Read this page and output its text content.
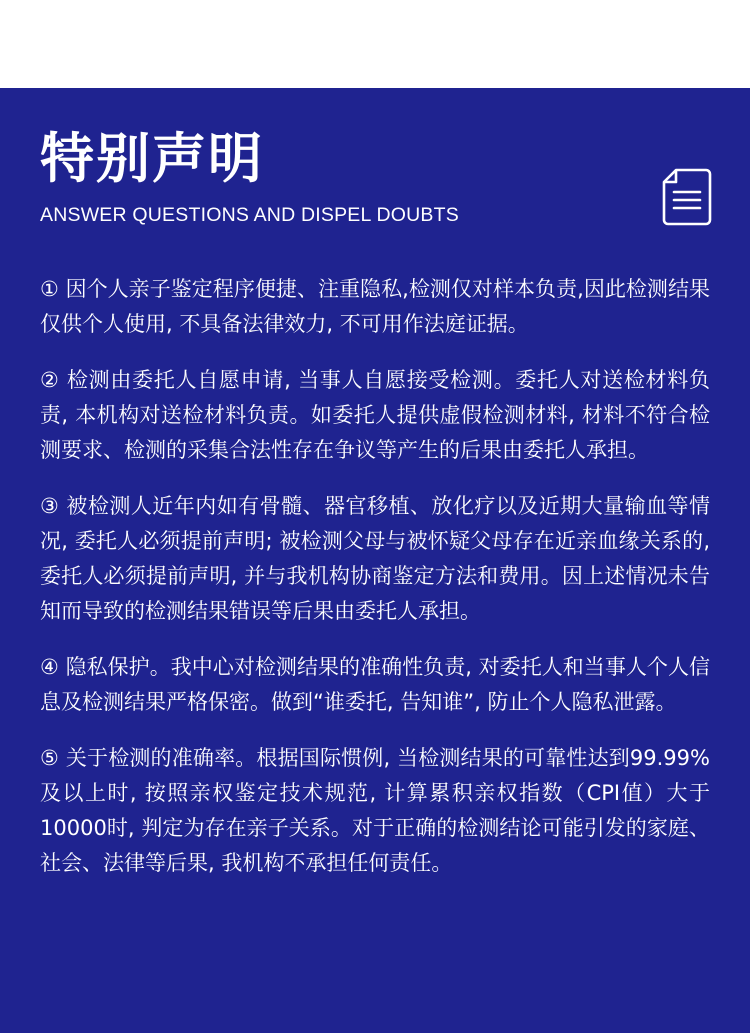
特别声明
ANSWER QUESTIONS AND DISPEL DOUBTS

① 因个人亲子鉴定程序便捷、注重隐私,检测仅对样本负责,因此检测结果仅供个人使用, 不具备法律效力, 不可用作法庭证据。

② 检测由委托人自愿申请, 当事人自愿接受检测。委托人对送检材料负责, 本机构对送检材料负责。如委托人提供虚假检测材料, 材料不符合检测要求、检测的采集合法性存在争议等产生的后果由委托人承担。

③ 被检测人近年内如有骨髓、器官移植、放化疗以及近期大量输血等情况, 委托人必须提前声明; 被检测父母与被怀疑父母存在近亲血缘关系的, 委托人必须提前声明, 并与我机构协商鉴定方法和费用。因上述情况未告知而导致的检测结果错误等后果由委托人承担。

④ 隐私保护。我中心对检测结果的准确性负责, 对委托人和当事人个人信息及检测结果严格保密。做到“谁委托, 告知谁”, 防止个人隐私泄露。

⑤ 关于检测的准确率。根据国际惯例, 当检测结果的可靠性达到99.99%及以上时, 按照亲权鉴定技术规范, 计算累积亲权指数（CPI值）大于10000时, 判定为存在亲子关系。对于正确的检测结论可能引发的家庭、社会、法律等后果, 我机构不承担任何责任。
